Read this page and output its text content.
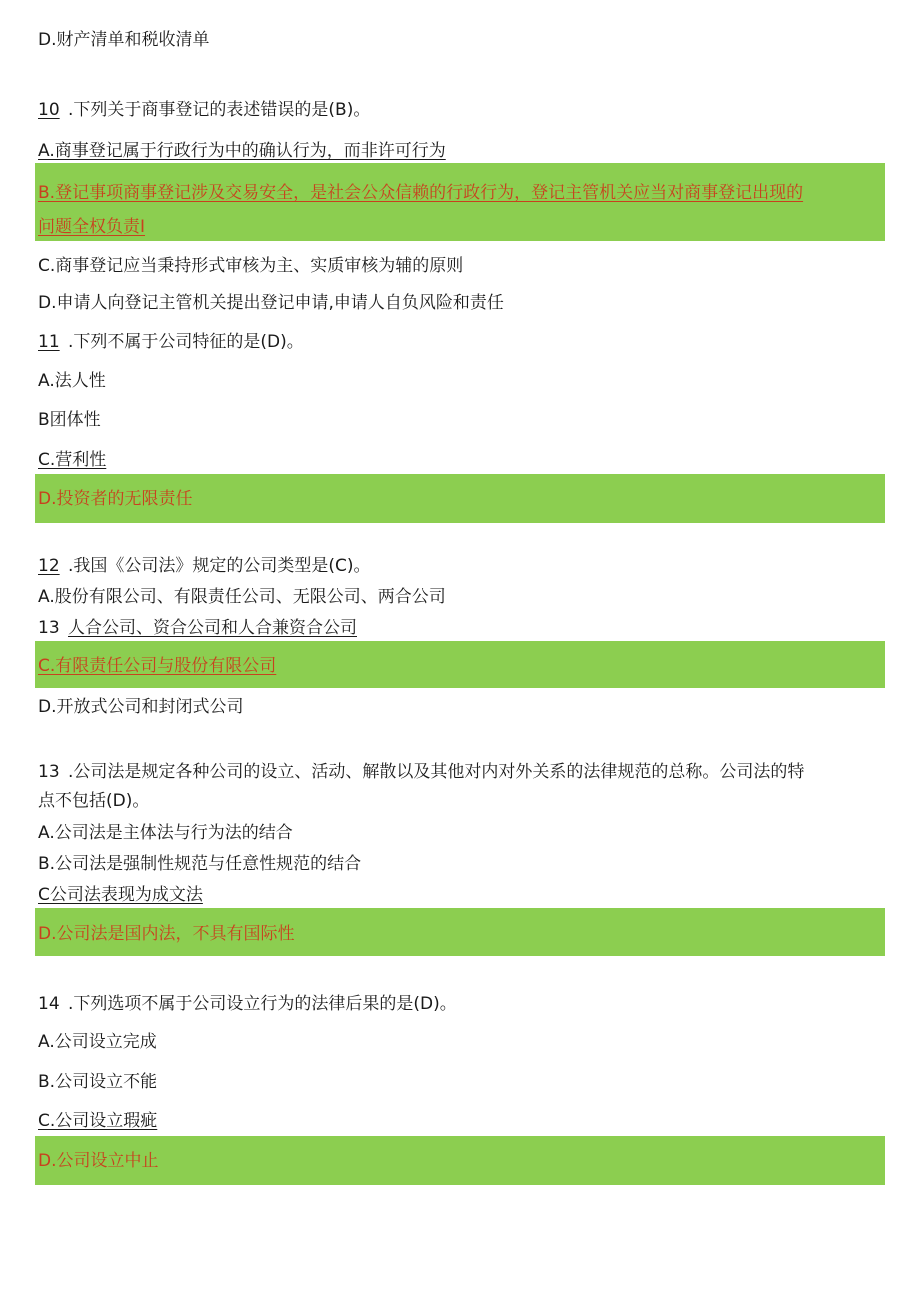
D.财产清单和税收清单
10 .下列关于商事登记的表述错误的是(B)。
A.商事登记属于行政行为中的确认行为，而非许可行为
B.登记事项商事登记涉及交易安全，是社会公众信赖的行政行为，登记主管机关应当对商事登记出现的
问题全权负责I
C.商事登记应当秉持形式审核为主、实质审核为辅的原则
D.申请人向登记主管机关提出登记申请,申请人自负风险和责任
11 .下列不属于公司特征的是(D)。
A.法人性
B团体性
C.营利性
D.投资者的无限责任
12 .我国《公司法》规定的公司类型是(C)。
A.股份有限公司、有限责任公司、无限公司、两合公司
13 人合公司、资合公司和人合兼资合公司
C.有限责任公司与股份有限公司
D.开放式公司和封闭式公司
13 .公司法是规定各种公司的设立、活动、解散以及其他对内对外关系的法律规范的总称。公司法的特
点不包括(D)。
A.公司法是主体法与行为法的结合
B.公司法是强制性规范与任意性规范的结合
C公司法表现为成文法
D.公司法是国内法，不具有国际性
14 .下列选项不属于公司设立行为的法律后果的是(D)。
A.公司设立完成
B.公司设立不能
C.公司设立瑕疵
D.公司设立中止
